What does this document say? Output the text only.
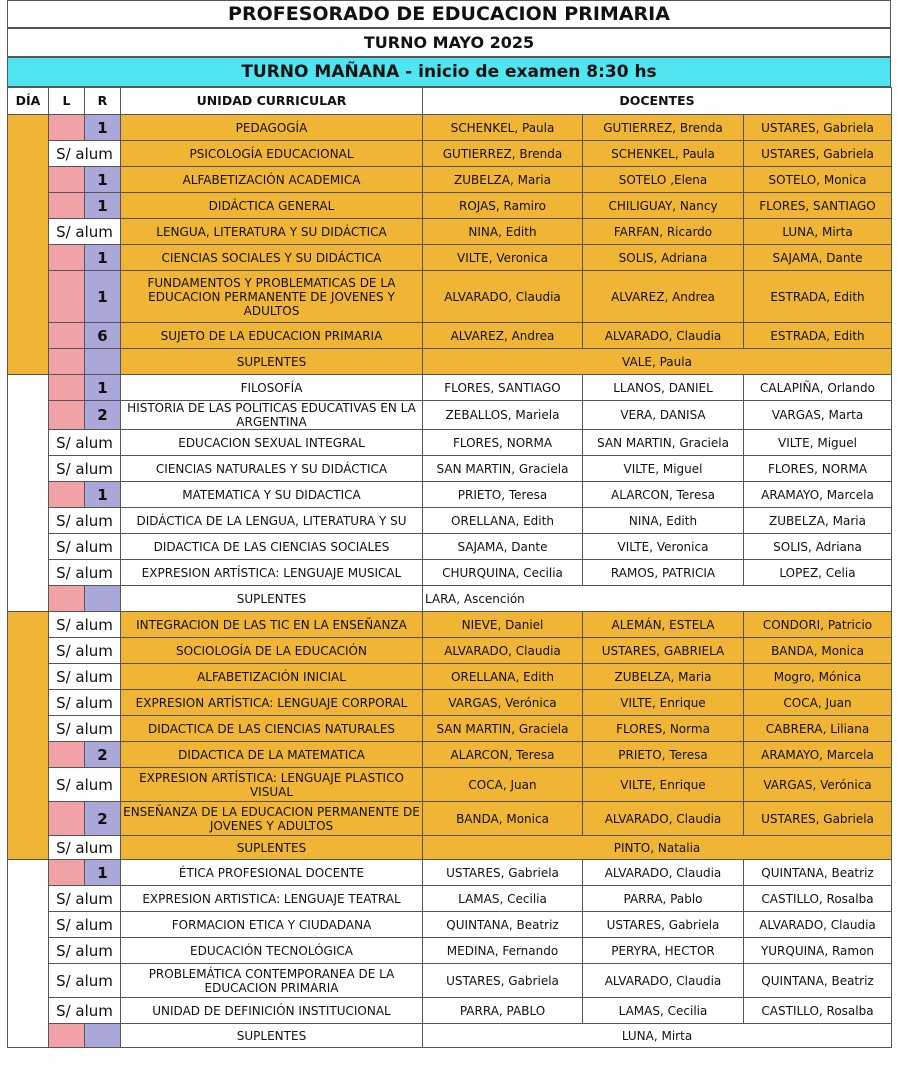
PROFESORADO DE EDUCACION PRIMARIA
TURNO MAYO 2025
TURNO MAÑANA - inicio de examen 8:30 hs
DÍA	L	R	UNIDAD CURRICULAR	DOCENTES		
		1	PEDAGOGÍA	SCHENKEL, Paula	GUTIERREZ, Brenda	USTARES, Gabriela
	S/ alum		PSICOLOGÍA EDUCACIONAL	GUTIERREZ, Brenda	SCHENKEL, Paula	USTARES, Gabriela
		1	ALFABETIZACIÓN ACADEMICA	ZUBELZA, Maria	SOTELO ,Elena	SOTELO, Monica
		1	DIDÁCTICA GENERAL	ROJAS, Ramiro	CHILIGUAY, Nancy	FLORES, SANTIAGO
	S/ alum		LENGUA, LITERATURA Y SU DIDÁCTICA	NINA, Edith	FARFAN, Ricardo	LUNA, Mirta
		1	CIENCIAS SOCIALES Y SU DIDÁCTICA	VILTE, Veronica	SOLIS, Adriana	SAJAMA, Dante
		1	FUNDAMENTOS Y PROBLEMATICAS DE LA EDUCACION PERMANENTE DE JOVENES Y ADULTOS	ALVARADO, Claudia	ALVAREZ, Andrea	ESTRADA, Edith
		6	SUJETO DE LA EDUCACION PRIMARIA	ALVAREZ, Andrea	ALVARADO, Claudia	ESTRADA, Edith
			SUPLENTES	VALE, Paula		
		1	FILOSOFÍA	FLORES, SANTIAGO	LLANOS, DANIEL	CALAPIÑA, Orlando
		2	HISTORIA DE LAS POLITICAS EDUCATIVAS EN LA ARGENTINA	ZEBALLOS, Mariela	VERA, DANISA	VARGAS, Marta
	S/ alum		EDUCACION SEXUAL INTEGRAL	FLORES, NORMA	SAN MARTIN, Graciela	VILTE, Miguel
	S/ alum		CIENCIAS NATURALES Y SU DIDÁCTICA	SAN MARTIN, Graciela	VILTE, Miguel	FLORES, NORMA
		1	MATEMATICA Y SU DIDACTICA	PRIETO, Teresa	ALARCON, Teresa	ARAMAYO, Marcela
	S/ alum		DIDÁCTICA DE LA LENGUA, LITERATURA Y SU	ORELLANA, Edith	NINA, Edith	ZUBELZA, Maria
	S/ alum		DIDACTICA DE LAS CIENCIAS SOCIALES	SAJAMA, Dante	VILTE, Veronica	SOLIS, Adriana
	S/ alum		EXPRESION ARTÍSTICA: LENGUAJE MUSICAL	CHURQUINA, Cecilia	RAMOS, PATRICIA	LOPEZ, Celia
			SUPLENTES	LARA, Ascención		
	S/ alum		INTEGRACION DE LAS TIC EN LA ENSEÑANZA	NIEVE, Daniel	ALEMÁN, ESTELA	CONDORI, Patricio
	S/ alum		SOCIOLOGÍA DE LA EDUCACIÓN	ALVARADO, Claudia	USTARES, GABRIELA	BANDA, Monica
	S/ alum		ALFABETIZACIÓN INICIAL	ORELLANA, Edith	ZUBELZA, Maria	Mogro, Mónica
	S/ alum		EXPRESION ARTÍSTICA: LENGUAJE CORPORAL	VARGAS, Verónica	VILTE, Enrique	COCA, Juan
	S/ alum		DIDACTICA DE LAS CIENCIAS NATURALES	SAN MARTIN, Graciela	FLORES, Norma	CABRERA, Liliana
		2	DIDACTICA DE LA MATEMATICA	ALARCON, Teresa	PRIETO, Teresa	ARAMAYO, Marcela
	S/ alum		EXPRESION ARTÍSTICA: LENGUAJE PLASTICO VISUAL	COCA, Juan	VILTE, Enrique	VARGAS, Verónica
		2	ENSEÑANZA DE LA EDUCACION PERMANENTE DE JOVENES Y ADULTOS	BANDA, Monica	ALVARADO, Claudia	USTARES, Gabriela
	S/ alum		SUPLENTES	PINTO, Natalia		
		1	ÉTICA PROFESIONAL DOCENTE	USTARES, Gabriela	ALVARADO, Claudia	QUINTANA, Beatriz
	S/ alum		EXPRESION ARTISTICA: LENGUAJE TEATRAL	LAMAS, Cecilia	PARRA, Pablo	CASTILLO, Rosalba
	S/ alum		FORMACION ETICA Y CIUDADANA	QUINTANA, Beatriz	USTARES, Gabriela	ALVARADO, Claudia
	S/ alum		EDUCACIÓN TECNOLÓGICA	MEDINA, Fernando	PERYRA, HECTOR	YURQUINA, Ramon
	S/ alum		PROBLEMÁTICA CONTEMPORANEA DE LA EDUCACION PRIMARIA	USTARES, Gabriela	ALVARADO, Claudia	QUINTANA, Beatriz
	S/ alum		UNIDAD DE DEFINICIÓN INSTITUCIONAL	PARRA, PABLO	LAMAS, Cecilia	CASTILLO, Rosalba
			SUPLENTES	LUNA, Mirta		
